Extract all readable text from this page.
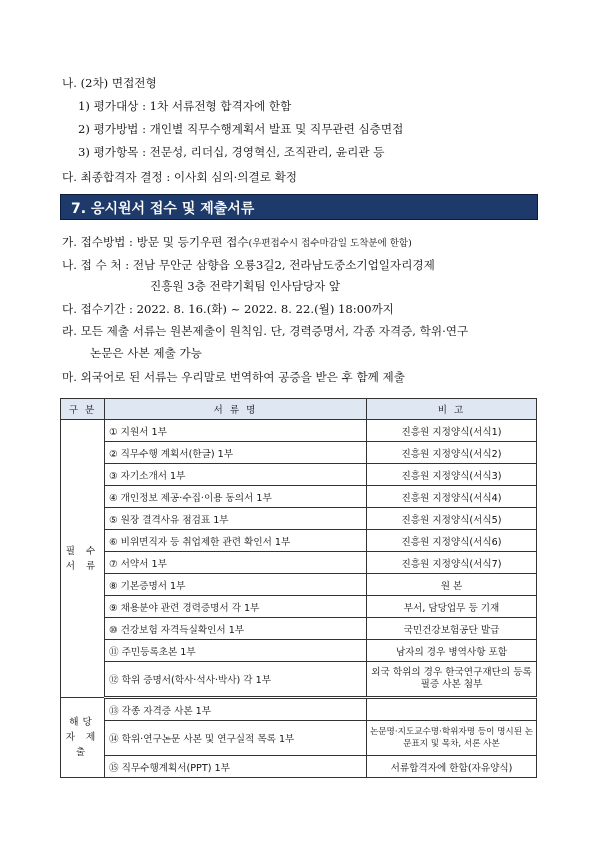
나. (2차) 면접전형
1) 평가대상 : 1차 서류전형 합격자에 한함
2) 평가방법 : 개인별 직무수행계획서 발표 및 직무관련 심층면접
3) 평가항목 : 전문성, 리더십, 경영혁신, 조직관리, 윤리관 등
다. 최종합격자 결정 : 이사회 심의·의결로 확정
7. 응시원서 접수 및 제출서류
가. 접수방법 : 방문 및 등기우편 접수(우편접수시 접수마감일 도착분에 한함)
나. 접 수 처 : 전남 무안군 삼향읍 오룡3길2, 전라남도중소기업일자리경제
진흥원 3층 전략기획팀 인사담당자 앞
다. 접수기간 : 2022. 8. 16.(화) ~ 2022. 8. 22.(월) 18:00까지
라. 모든 제출 서류는 원본제출이 원칙임. 단, 경력증명서, 각종 자격증, 학위·연구
논문은 사본 제출 가능
마. 외국어로 된 서류는 우리말로 번역하여 공증을 받은 후 함께 제출
구 분	서 류 명	비 고
필 수 서 류	① 지원서 1부	진흥원 지정양식(서식1)
	② 직무수행 계획서(한글) 1부	진흥원 지정양식(서식2)
	③ 자기소개서 1부	진흥원 지정양식(서식3)
	④ 개인정보 제공·수집·이용 동의서 1부	진흥원 지정양식(서식4)
	⑤ 원장 결격사유 점검표 1부	진흥원 지정양식(서식5)
	⑥ 비위면직자 등 취업제한 관련 확인서 1부	진흥원 지정양식(서식6)
	⑦ 서약서 1부	진흥원 지정양식(서식7)
	⑧ 기본증명서 1부	원 본
	⑨ 채용분야 관련 경력증명서 각 1부	부서, 담당업무 등 기재
	⑩ 건강보험 자격득실확인서 1부	국민건강보험공단 발급
	⑪ 주민등록초본 1부	남자의 경우 병역사항 포함
	⑫ 학위 증명서(학사·석사·박사) 각 1부	외국 학위의 경우 한국연구재단의 등록필증 사본 첨부
해당자 제 출	⑬ 각종 자격증 사본 1부	
	⑭ 학위·연구논문 사본 및 연구실적 목록 1부	논문명·지도교수명·학위자명 등이 명시된 논문표지 및 목차, 서론 사본
	⑮ 직무수행계획서(PPT) 1부	서류합격자에 한함(자유양식)
